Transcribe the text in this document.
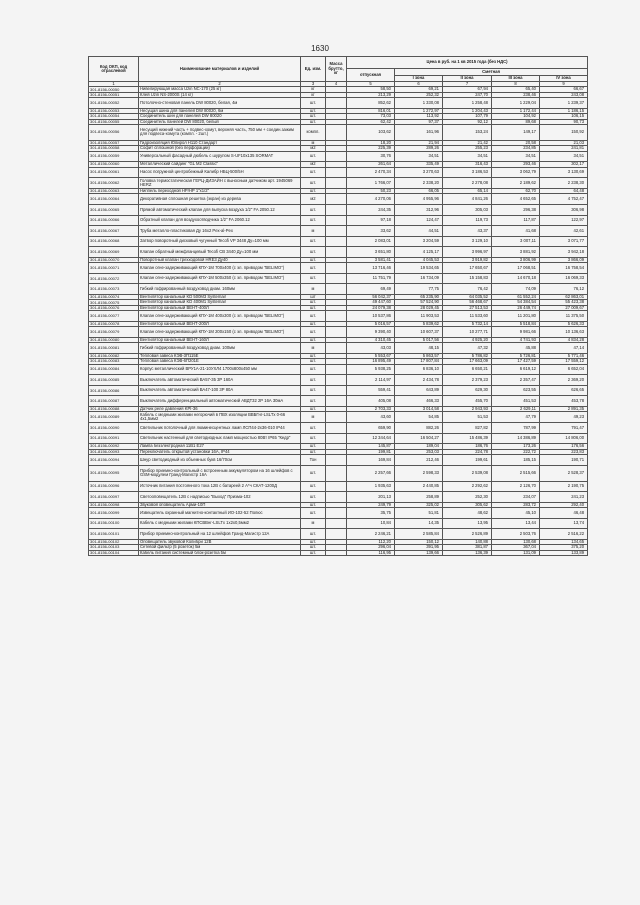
1630
Код ОКП, код отраслевой	Наименование материалов и изделий	Ед. изм.	Масса брутто, кг	Цена в руб. на 1 кв 2015 года (без НДС)				
				отпускная	Сметная			
					I зона	II зона	III зона	IV зона
1	2	3	4	5	6	7	8	9
301-8156-00050	Нивелирующая масса Uzin NC-170 (25 кг)	кг		58,50	69,21	67,94	65,40	66,67
301-8156-00051	Клей Uzin NS-2000S (14 кг)	кг		213,29	252,32	247,70	238,46	243,08
301-8156-00052	Потолочно-стеновая панель DW 80020, белая, 4м	шт.		852,62	1 330,08	1 258,48	1 229,04	1 239,37
301-8156-00053	Несущая шина для панелей DW 80020, 6м	шт.		816,01	1 272,97	1 204,43	1 172,44	1 186,15
301-8156-00054	Соединитель шин для панелей DW 80020	шт.		73,03	113,92	107,79	104,92	106,15
301-8156-00055	Соединитель панелей DW 80020, белый	шт.		62,42	97,37	92,12	89,68	90,73
301-8156-00056	Несущий нижний часть + подвес-хомут, верхняя часть, 750 мм + соедин.зажим для подвеса-хомута (компл. - 2шт.)	компл.		103,62	161,96	153,24	149,17	150,92
301-8156-00057	Гидроизоляция Юпирол Н110 Стандарт	м		18,20	21,94	21,42	20,58	21,03
301-8156-00058	Софит сплошной (без перфорации)	м2		225,39	289,26	255,23	234,85	241,81
301-8156-00059	Универсальный фасадный дюбель с шурупом S-UF10х135 SORMAT	шт.		30,76	34,51	34,51	34,51	34,51
301-8156-00060	Металлический сайдинг "GL M2 Classic"	м2		261,64	335,49	316,43	293,46	302,17
301-8156-00061	Насос погружной центробежный Калибр НБЦ-500/5Н	шт.		2 470,34	3 270,63	3 186,53	3 062,79	3 130,69
301-8156-00062	Головка термостатическая ГЕРЦ-ДИЗАЙН с выносным датчиком арт. 1945069 HERZ	шт.		1 766,07	2 338,20	2 278,08	2 189,62	2 238,30
301-8156-00063	Ниппель переходной НР/НР 1"х1/2"	шт.		50,23	66,05	65,14	62,70	64,48
301-8156-00064	Декоративная сплошная решетка (экран) из дерева	м2		4 270,06	4 955,96	4 841,26	4 652,65	4 752,47
301-8156-00065	Прямой автоматический клапан для выпуска воздуха 1/2" FA 2050.12	шт.		244,35	312,96	305,03	296,38	306,98
301-8156-00066	Обратный клапан для воздухоотводчика 1/2" FA 2060.12	шт.		97,18	124,47	119,73	117,87	122,97
301-8156-00067	Труба металло-пластиковая Ду 16х2 Pex-al-Pex	м		33,62	44,51	43,37	41,68	42,61
301-8156-00068	Затвор поворотный дисковый чугунный Tecofi VP 3448 Ду=100 мм	шт.		2 083,01	3 204,59	3 129,10	3 007,11	3 071,77
301-8156-00069	Клапан обратный межфланцевый Tecofi CB 3440 Ду=100 мм	шт.		3 651,80	4 125,17	3 996,97	3 881,92	3 942,18
301-8156-00070	Поворотный клапан трехходовой HRE3 Ду40	шт.		3 581,41	4 045,53	3 919,82	3 806,99	3 866,09
301-8156-00071	Клапан огне-задерживающий КПУ-1М 700х400 (с эл. приводом "BELIMO")	шт.		13 716,46	19 534,65	17 650,67	17 068,51	16 758,54
301-8156-00072	Клапан огне-задерживающий КПУ-1М 500х350 (с эл. приводом "BELIMO")	шт.		11 751,79	16 734,09	15 158,83	14 670,18	16 069,33
301-8156-00073	Гибкий гофрированный воздуховод диам. 160мм	м		69,49	77,75	76,42	74,09	76,12
301-8156-00074	Вентилятор канальный KD 500M3 Systemair	шт		56 042,37	65 235,90	64 035,52	61 552,24	62 863,01
301-8156-00075	Вентилятор канальный KD 400M1 Systemair	шт.		49 447,60	57 524,90	56 468,67	54 384,54	55 423,38
301-8156-00076	Вентилятор канальный ВЕНТ-400Л	шт.		24 079,38	28 029,45	27 513,53	26 449,74	27 009,67
301-8156-00077	Клапан огне-задерживающий КПУ-1М 400х300 (с эл. приводом "BELIMO")	шт.		10 537,86	11 903,53	11 533,60	11 201,80	11 375,50
301-8156-00078	Вентилятор канальный ВЕНТ-200Л	шт.		5 016,57	5 839,62	5 732,14	5 518,84	5 626,33
301-8156-00079	Клапан огне-задерживающий КПУ-1М 200х150 (с эл. приводом "BELIMO")	шт.		9 390,40	10 607,37	10 277,71	9 981,66	10 136,63
301-8156-00080	Вентилятор канальный ВЕНТ-160Л	шт.		4 310,45	5 017,56	4 925,20	4 741,93	4 834,28
301-8156-00081	Гибкий гофрированный воздуховод диам. 100мм	м		43,03	48,15	47,32	45,88	47,14
301-8156-00082	Тепловая завеса КЭВ-3П115Е	шт.		5 553,67	5 863,57	5 786,82	5 726,81	5 771,46
301-8156-00083	Тепловая завеса КЭВ-6П201Е	шт.		16 895,49	17 807,84	17 663,09	17 427,59	17 559,12
301-8156-00084	Корпус металлический ВРУ1А-21-10УХЛ4 1700х800х450 мм	шт.		5 938,25	6 836,10	6 650,21	6 619,12	6 652,04
301-8156-00085	Выключатель автоматический ВА57-35 3Р 160А	шт.		2 114,97	2 434,78	2 379,23	2 357,47	2 369,20
301-8156-00086	Выключатель автоматический ВА47-100 3Р 80А	шт.		559,41	643,89	629,30	623,55	626,65
301-8156-00087	Выключатель дифференциальный автоматический АВДТ32 2Р 16А 30мА	шт.		405,08	466,33	455,70	451,53	453,78
301-8156-00088	Датчик реле давления KPI-36	шт.		2 703,33	3 014,58	2 943,93	2 629,11	2 891,35
301-8156-00089	Кабель с медными жилами негорючий в ПВХ изоляции ВВБГнг-LSLTx 0-66 4х1,5мм2	м		43,60	54,85	51,53	47,79	49,23
301-8156-00090	Светильник потолочный для люминесцентных ламп ЛСП44-2х36-010 IP44	шт.		659,90	882,26	827,82	787,99	791,47
301-8156-00091	Светильник настенный для светодиодных ламп мощностью 80Вт IP65 "Кедр"	шт.		12 344,64	16 504,27	15 486,39	14 386,89	14 806,00
301-8156-00092	Лампа безэлектродная 11В1 Е27	шт.		145,87	189,04	186,76	173,26	176,56
301-8156-00093	Переключатель открытой установки 16А, IP44	шт.		199,81	253,03	224,78	222,72	223,83
301-8156-00094	Шнур светодиодный из объемных букв 16/70см	Тон		169,84	212,46	199,61	185,15	190,71
301-8156-00095	Прибор приемно-контрольный с встроенным аккумулятором на 16 шлейфов с GSM-модулем Гранд-Магистр 16А	шт.		2 257,66	2 598,33	2 539,08	2 515,66	2 528,37
301-8156-00096	Источник питания постоянного тока 12В с батареей 2 А*ч СКАТ-1200Д	шт.		1 935,63	2 440,85	2 292,62	2 126,70	2 190,75
301-8156-00097	Светооповещатель 12В с надписью "Выход" Призма-102	шт.		201,13	258,89	252,30	234,07	241,23
301-8156-00098	Звуковой оповещатель Арми-10П	шт.		249,79	325,02	305,62	283,72	292,40
301-8156-00099	Извещатель охранный магнитно-контактный ИО-102-52 Полюс	шт.		35,75	51,81	48,62	45,10	46,48
301-8156-00100	Кабель с медными жилами КПСВВнг-LSLTx 1х2х0,5мм2	м		10,84	14,35	13,95	13,44	13,74
301-8156-00101	Прибор приемно-контрольный на 12 шлейфов Гранд-Магистр 12А	шт.		2 246,21	2 585,84	2 526,89	2 503,76	2 516,22
301-8156-00102	Оповещатель звуковой Колибри 12В	шт.		112,20	150,12	140,88	130,68	134,65
301-8156-00103	Сетевой фильтр (5 розеток) 5м	шт.		296,04	391,95	381,87	367,04	375,20
301-8156-00104	Кабель питания системный блок-розетка 5м	шт.		116,95	139,66	136,39	131,09	133,89
